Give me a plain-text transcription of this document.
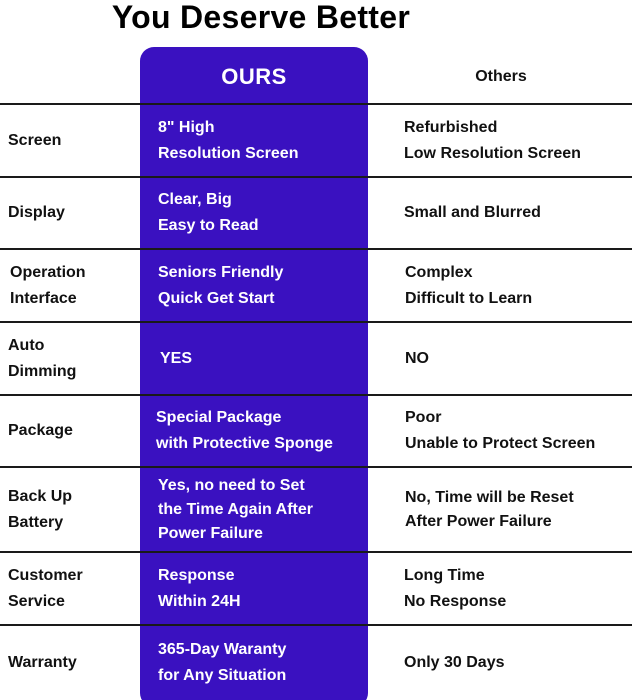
You Deserve Better
OURS	Others
Screen
8" High
Resolution Screen
Refurbished
Low Resolution Screen
Display
Clear, Big
Easy to Read
Small and Blurred
Operation
Interface
Seniors Friendly
Quick Get Start
Complex
Difficult to Learn
Auto
Dimming
YES	NO
Package
Special Package
with Protective Sponge
Poor
Unable to Protect Screen
Back Up
Battery
Yes, no need to Set
the Time Again After
Power Failure
No, Time will be Reset
After Power Failure
Customer
Service
Response
Within 24H
Long Time
No Response
Warranty
365-Day Waranty
for Any Situation
Only 30 Days
